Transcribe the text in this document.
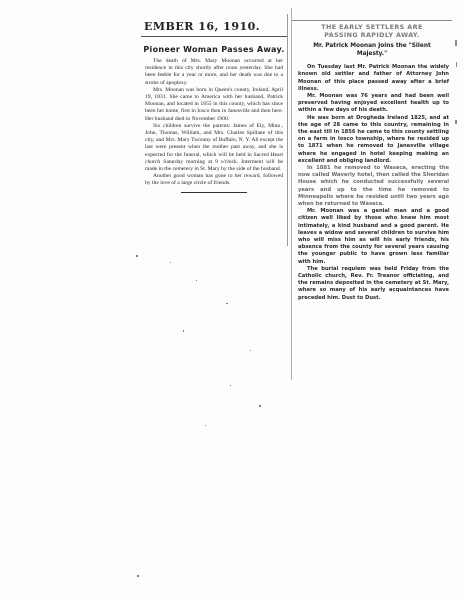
EMBER 16, 1910.
Pioneer Woman Passes Away.

The death of Mrs. Mary Moonan occurred at her residence in this city shortly after noon yesterday. She had been feeble for a year or more, and her death was due to a stroke of apoplexy.

Mrs. Moonan was born in Queen's county, Ireland, April 19, 1831. She came to America with her husband, Patrick Moonan, and located in 1855 in this county, which has since been her home, first in Iosco then in Janesville and then here. Her husband died in November 1900.

Six children survive the parents: James of Ely, Minn., John, Thomas, William, and Mrs. Charles Spillane of this city, and Mrs. Mary Twoomy of Buffalo, N. Y. All except the last were present when the mother past away, and she is expected for the funeral, which will be held in Sacred Heart church Saturday morning at 9 o'clock. Interment will be made in the cemetery in St. Mary by the side of the husband.

Another good woman has gone to her reward, followed by the love of a large circle of friends.

THE EARLY SETTLERS ARE
PASSING RAPIDLY AWAY.
Mr. Patrick Moonan Joins the "Silent Majesty."

On Tuesday last Mr. Patrick Moonan the widely known old settler and father of Attorney John Moonan of this place passed away after a brief illness.

Mr. Moonan was 76 years and had been well preserved having enjoyed excellent health up to within a few days of his death.

He was born at Drogheda Ireland 1825, and at the age of 28 came to this country, remaining in the east till in 1856 he came to this county settling on a farm in Iosco township, where he resided up to 1871 when he removed to Janesville village where he engaged in hotel keeping making an excellent and obliging landlord.

In 1881 he removed to Waseca, erecting the now called Waverly hotel, then called the Sheridan House which he conducted successfully several years and up to the time he removed to Minneapolis where he resided until two years ago when he returned to Waseca.

Mr. Moonan was a genial man and a good citizen well liked by those who knew him most intimately, a kind husband and a good parent. He leaves a widow and several children to survive him who will miss him as will his early friends, his absence from the county for several years causing the younger public to have grown less familiar with him.

The burial requiem was held Friday from the Catholic church, Rev. Fr. Treanor officiating, and the remains deposited in the cemetery at St. Mary, where so many of his early acquaintances have preceded him. Dust to Dust.
